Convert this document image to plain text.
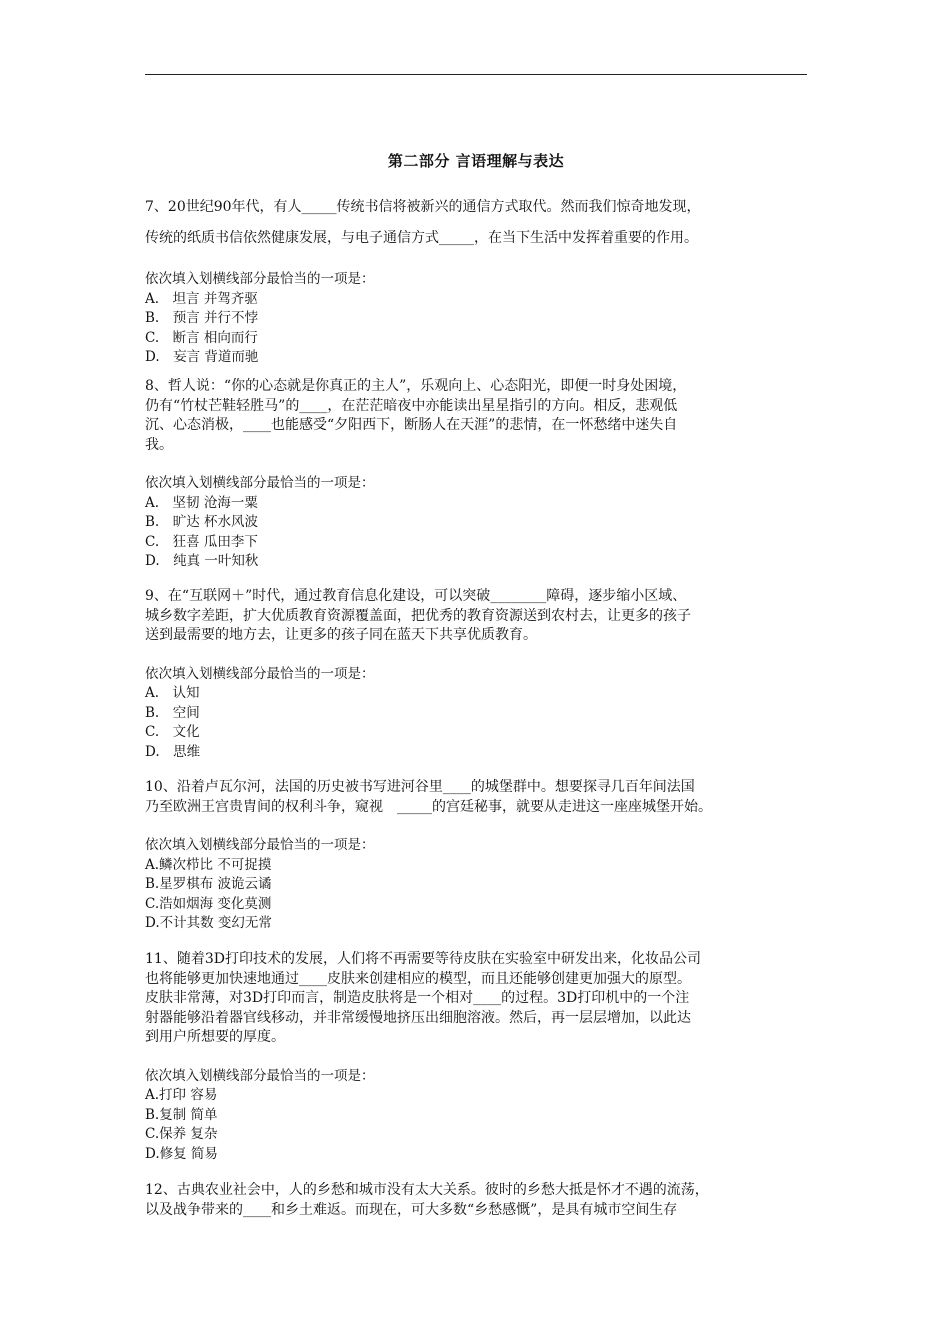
第二部分 言语理解与表达

7、20世纪90年代，有人_____传统书信将被新兴的通信方式取代。然而我们惊奇地发现，

传统的纸质书信依然健康发展，与电子通信方式_____，在当下生活中发挥着重要的作用。

依次填入划横线部分最恰当的一项是：

A.　坦言 并驾齐驱

B.　预言 并行不悖

C.　断言 相向而行

D.　妄言 背道而驰

8、哲人说：“你的心态就是你真正的主人”，乐观向上、心态阳光，即便一时身处困境，

仍有“竹杖芒鞋轻胜马”的____，在茫茫暗夜中亦能读出星星指引的方向。相反，悲观低

沉、心态消极，____也能感受“夕阳西下，断肠人在天涯”的悲情，在一怀愁绪中迷失自

我。

依次填入划横线部分最恰当的一项是：

A.　坚韧 沧海一粟

B.　旷达 杯水风波

C.　狂喜 瓜田李下

D.　纯真 一叶知秋

9、在“互联网＋”时代，通过教育信息化建设，可以突破________障碍，逐步缩小区域、

城乡数字差距，扩大优质教育资源覆盖面，把优秀的教育资源送到农村去，让更多的孩子

送到最需要的地方去，让更多的孩子同在蓝天下共享优质教育。

依次填入划横线部分最恰当的一项是：

A.　认知

B.　空间

C.　文化

D.　思维

10、沿着卢瓦尔河，法国的历史被书写进河谷里____的城堡群中。想要探寻几百年间法国

乃至欧洲王宫贵胄间的权利斗争，窥视　_____的宫廷秘事，就要从走进这一座座城堡开始。

依次填入划横线部分最恰当的一项是：

A.鳞次栉比 不可捉摸

B.星罗棋布 波诡云谲

C.浩如烟海 变化莫测

D.不计其数 变幻无常

11、随着3D打印技术的发展，人们将不再需要等待皮肤在实验室中研发出来，化妆品公司

也将能够更加快速地通过____皮肤来创建相应的模型，而且还能够创建更加强大的原型。

皮肤非常薄，对3D打印而言，制造皮肤将是一个相对____的过程。3D打印机中的一个注

射器能够沿着器官线移动，并非常缓慢地挤压出细胞溶液。然后，再一层层增加，以此达

到用户所想要的厚度。

依次填入划横线部分最恰当的一项是：

A.打印 容易

B.复制 简单

C.保养 复杂

D.修复 简易

12、古典农业社会中，人的乡愁和城市没有太大关系。彼时的乡愁大抵是怀才不遇的流荡，

以及战争带来的____和乡土难返。而现在，可大多数“乡愁感慨”，是具有城市空间生存
